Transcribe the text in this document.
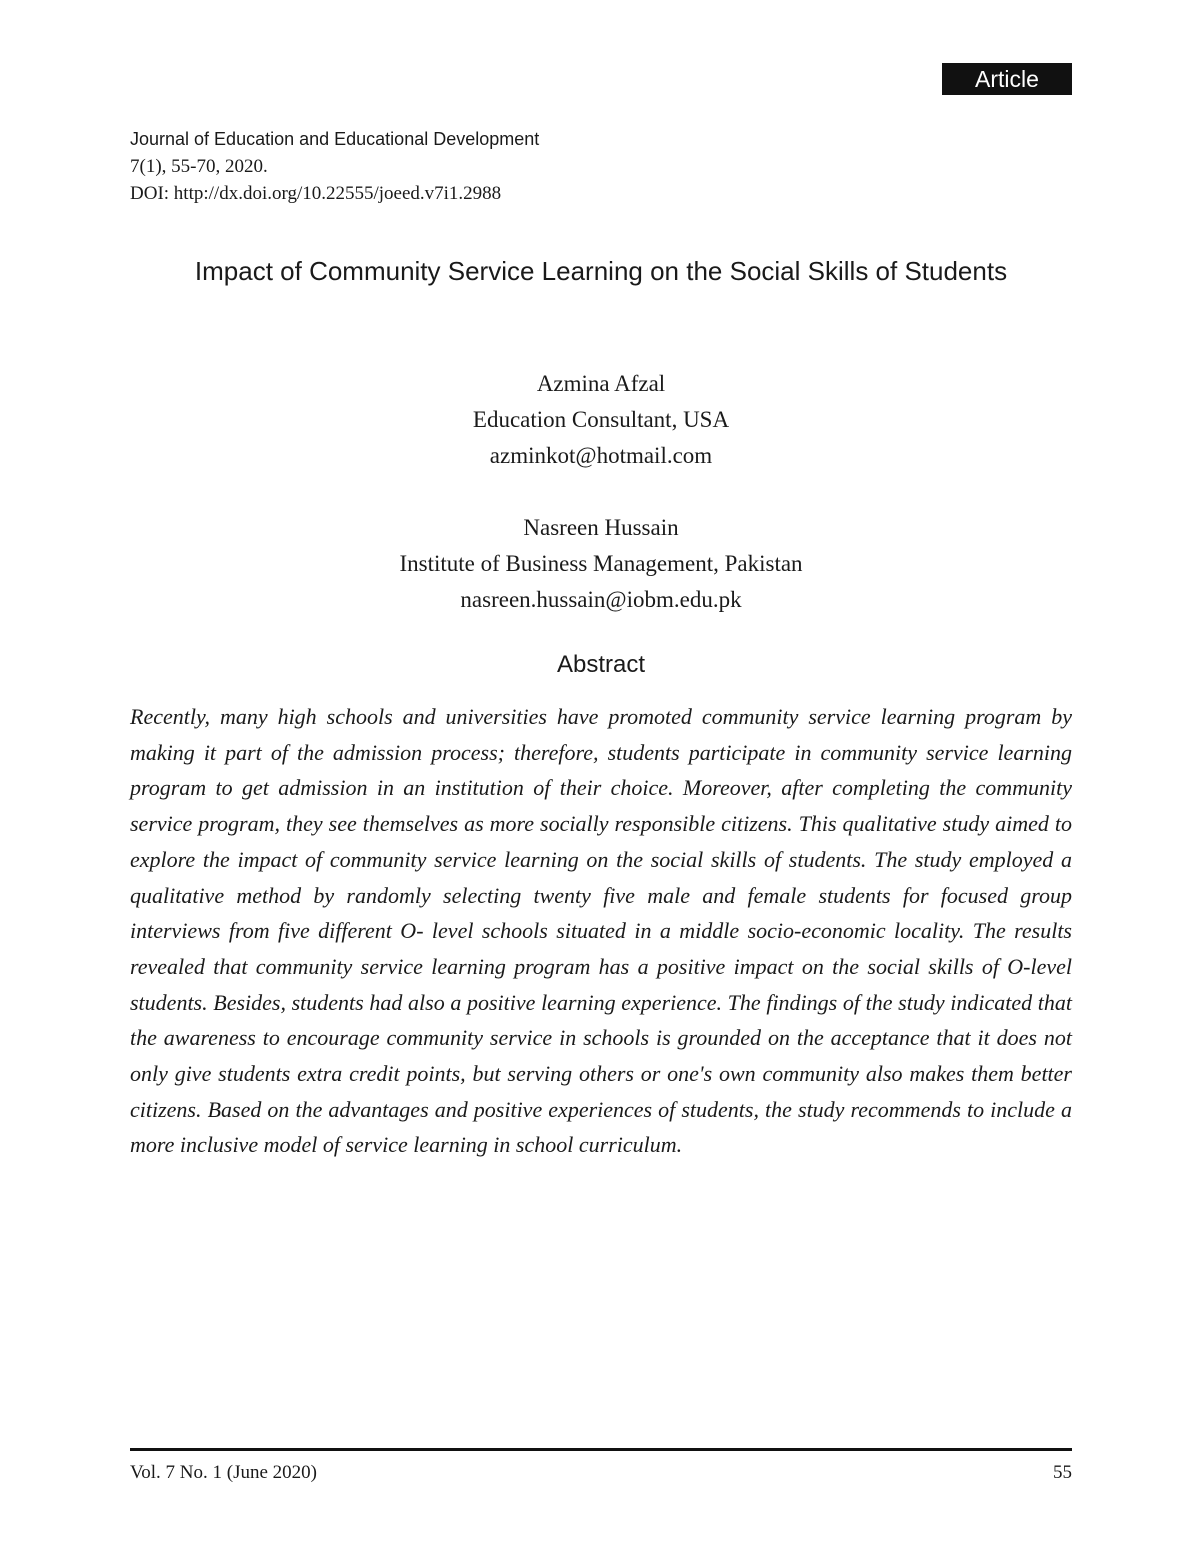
Article
Journal of Education and Educational Development
7(1), 55-70, 2020.
DOI: http://dx.doi.org/10.22555/joeed.v7i1.2988
Impact of Community Service Learning on the Social Skills of Students
Azmina Afzal
Education Consultant, USA
azminkot@hotmail.com
Nasreen Hussain
Institute of Business Management, Pakistan
nasreen.hussain@iobm.edu.pk
Abstract

Recently, many high schools and universities have promoted community service learning program by making it part of the admission process; therefore, students participate in community service learning program to get admission in an institution of their choice. Moreover, after completing the community service program, they see themselves as more socially responsible citizens. This qualitative study aimed to explore the impact of community service learning on the social skills of students. The study employed a qualitative method by randomly selecting twenty five male and female students for focused group interviews from five different O- level schools situated in a middle socio-economic locality. The results revealed that community service learning program has a positive impact on the social skills of O-level students. Besides, students had also a positive learning experience. The findings of the study indicated that the awareness to encourage community service in schools is grounded on the acceptance that it does not only give students extra credit points, but serving others or one's own community also makes them better citizens. Based on the advantages and positive experiences of students, the study recommends to include a more inclusive model of service learning in school curriculum.

Vol. 7 No. 1 (June 2020)	55
